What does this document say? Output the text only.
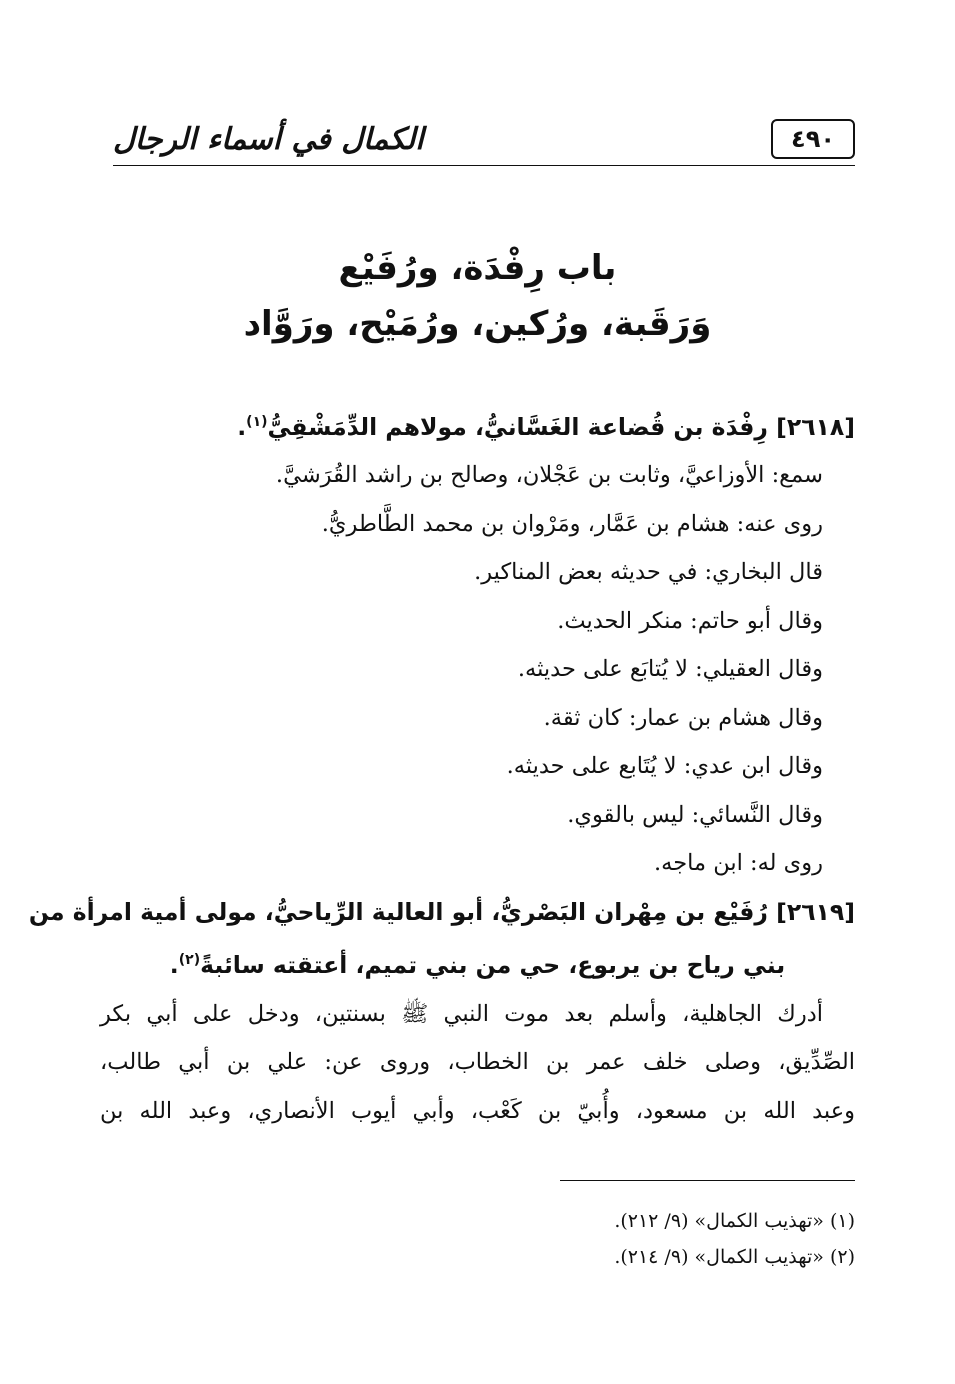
٤٩٠
الكمال في أسماء الرجال
باب رِفْدَة، ورُفَيْع
وَرَقَبة، ورُكين، ورُمَيْح، ورَوَّاد
[٢٦١٨] رِفْدَة بن قُضاعة الغَسَّانيُّ، مولاهم الدِّمَشْقِيُّ$^{(١)}$.
سمع: الأوزاعيَّ، وثابت بن عَجْلان، وصالح بن راشد القُرَشيَّ.
روى عنه: هشام بن عَمَّار، ومَرْوان بن محمد الطَّاطريُّ.
قال البخاري: في حديثه بعض المناكير.
وقال أبو حاتم: منكر الحديث.
وقال العقيلي: لا يُتابَع على حديثه.
وقال هشام بن عمار: كان ثقة.
وقال ابن عدي: لا يُتَابع على حديثه.
وقال النَّسائي: ليس بالقوي.
روى له: ابن ماجه.
[٢٦١٩] رُفَيْع بن مِهْران البَصْريُّ، أبو العالية الرِّياحيُّ، مولى أمية امرأة من
بني رياح بن يربوع، حي من بني تميم، أعتقته سائبةً$^{(٢)}$.
أدرك الجاهلية، وأسلم بعد موت النبي ﷺ بسنتين، ودخل على أبي بكر
الصِّدِّيق، وصلى خلف عمر بن الخطاب، وروى عن: علي بن أبي طالب،
وعبد الله بن مسعود، وأُبيّ بن كَعْب، وأبي أيوب الأنصاري، وعبد الله بن
(١) «تهذيب الكمال» (٩/ ٢١٢).
(٢) «تهذيب الكمال» (٩/ ٢١٤).
